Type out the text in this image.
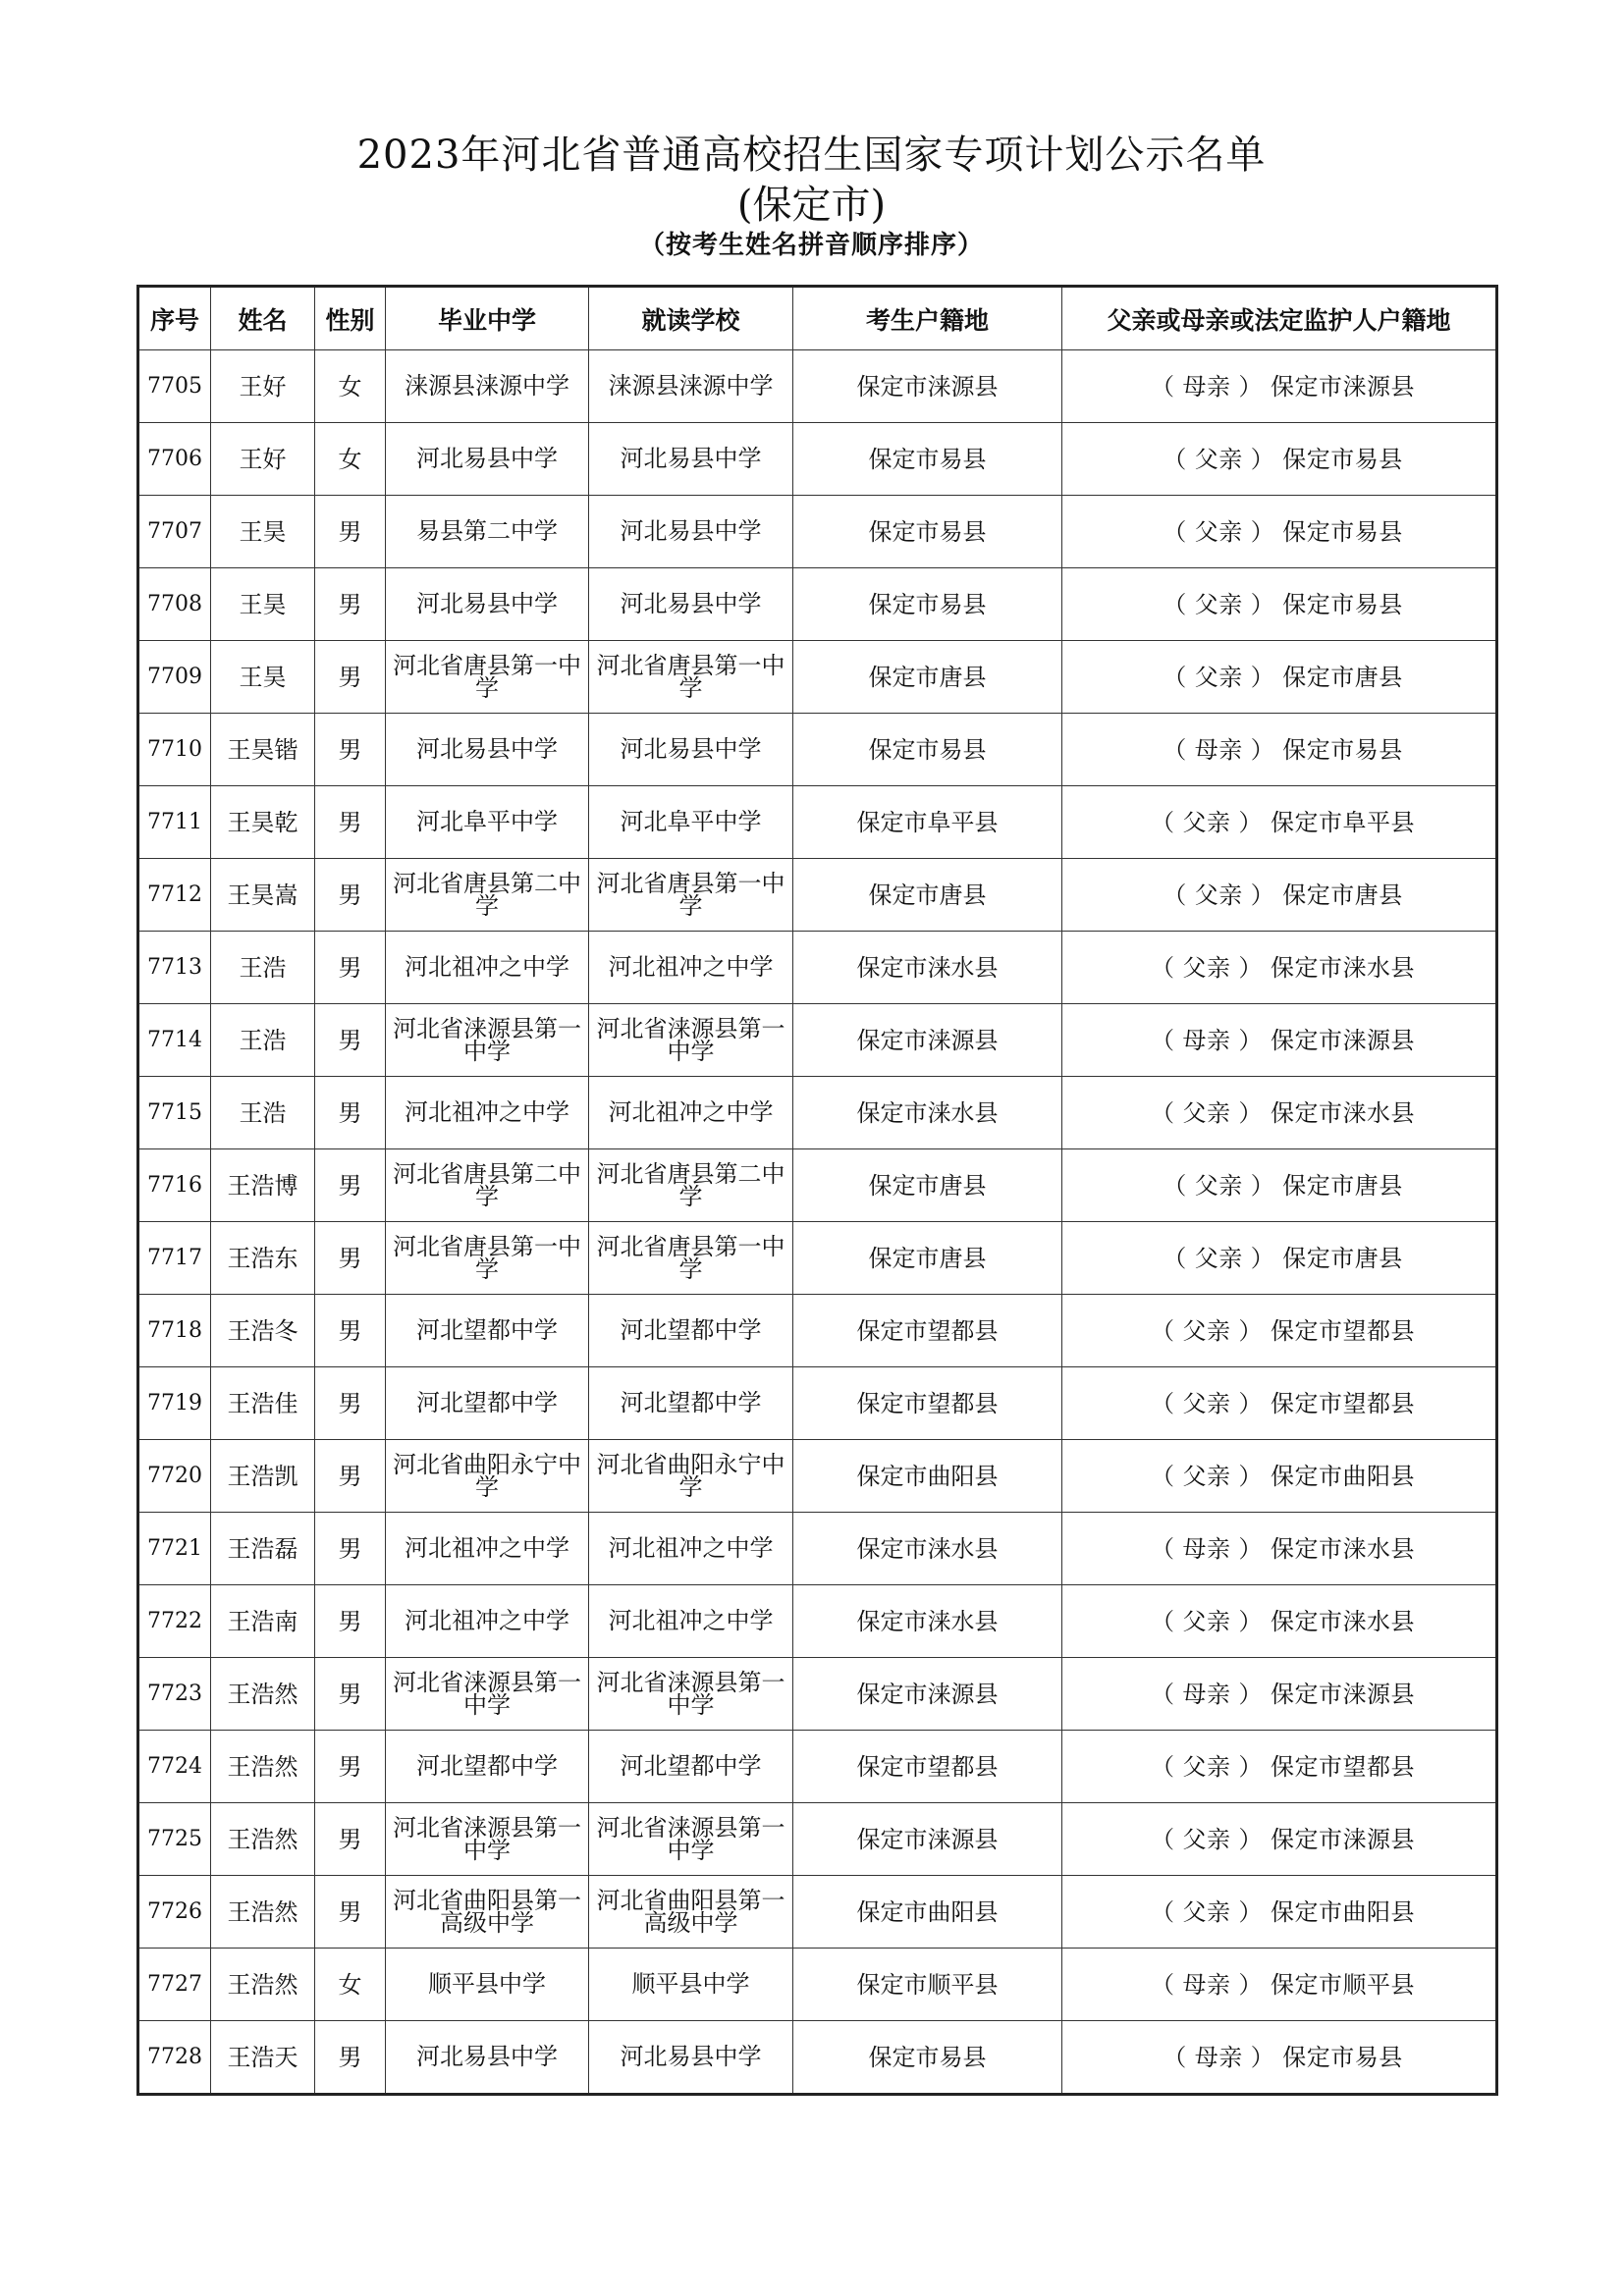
2023年河北省普通高校招生国家专项计划公示名单
(保定市)
（按考生姓名拼音顺序排序）
序号	姓名	性别	毕业中学	就读学校	考生户籍地	父亲或母亲或法定监护人户籍地
7705	王好	女	涞源县涞源中学	涞源县涞源中学	保定市涞源县	（ 母亲 ） 保定市涞源县
7706	王好	女	河北易县中学	河北易县中学	保定市易县	（ 父亲 ） 保定市易县
7707	王昊	男	易县第二中学	河北易县中学	保定市易县	（ 父亲 ） 保定市易县
7708	王昊	男	河北易县中学	河北易县中学	保定市易县	（ 父亲 ） 保定市易县
7709	王昊	男	河北省唐县第一中学	河北省唐县第一中学	保定市唐县	（ 父亲 ） 保定市唐县
7710	王昊锴	男	河北易县中学	河北易县中学	保定市易县	（ 母亲 ） 保定市易县
7711	王昊乾	男	河北阜平中学	河北阜平中学	保定市阜平县	（ 父亲 ） 保定市阜平县
7712	王昊嵩	男	河北省唐县第二中学	河北省唐县第一中学	保定市唐县	（ 父亲 ） 保定市唐县
7713	王浩	男	河北祖冲之中学	河北祖冲之中学	保定市涞水县	（ 父亲 ） 保定市涞水县
7714	王浩	男	河北省涞源县第一中学	河北省涞源县第一中学	保定市涞源县	（ 母亲 ） 保定市涞源县
7715	王浩	男	河北祖冲之中学	河北祖冲之中学	保定市涞水县	（ 父亲 ） 保定市涞水县
7716	王浩博	男	河北省唐县第二中学	河北省唐县第二中学	保定市唐县	（ 父亲 ） 保定市唐县
7717	王浩东	男	河北省唐县第一中学	河北省唐县第一中学	保定市唐县	（ 父亲 ） 保定市唐县
7718	王浩冬	男	河北望都中学	河北望都中学	保定市望都县	（ 父亲 ） 保定市望都县
7719	王浩佳	男	河北望都中学	河北望都中学	保定市望都县	（ 父亲 ） 保定市望都县
7720	王浩凯	男	河北省曲阳永宁中学	河北省曲阳永宁中学	保定市曲阳县	（ 父亲 ） 保定市曲阳县
7721	王浩磊	男	河北祖冲之中学	河北祖冲之中学	保定市涞水县	（ 母亲 ） 保定市涞水县
7722	王浩南	男	河北祖冲之中学	河北祖冲之中学	保定市涞水县	（ 父亲 ） 保定市涞水县
7723	王浩然	男	河北省涞源县第一中学	河北省涞源县第一中学	保定市涞源县	（ 母亲 ） 保定市涞源县
7724	王浩然	男	河北望都中学	河北望都中学	保定市望都县	（ 父亲 ） 保定市望都县
7725	王浩然	男	河北省涞源县第一中学	河北省涞源县第一中学	保定市涞源县	（ 父亲 ） 保定市涞源县
7726	王浩然	男	河北省曲阳县第一高级中学	河北省曲阳县第一高级中学	保定市曲阳县	（ 父亲 ） 保定市曲阳县
7727	王浩然	女	顺平县中学	顺平县中学	保定市顺平县	（ 母亲 ） 保定市顺平县
7728	王浩天	男	河北易县中学	河北易县中学	保定市易县	（ 母亲 ） 保定市易县
